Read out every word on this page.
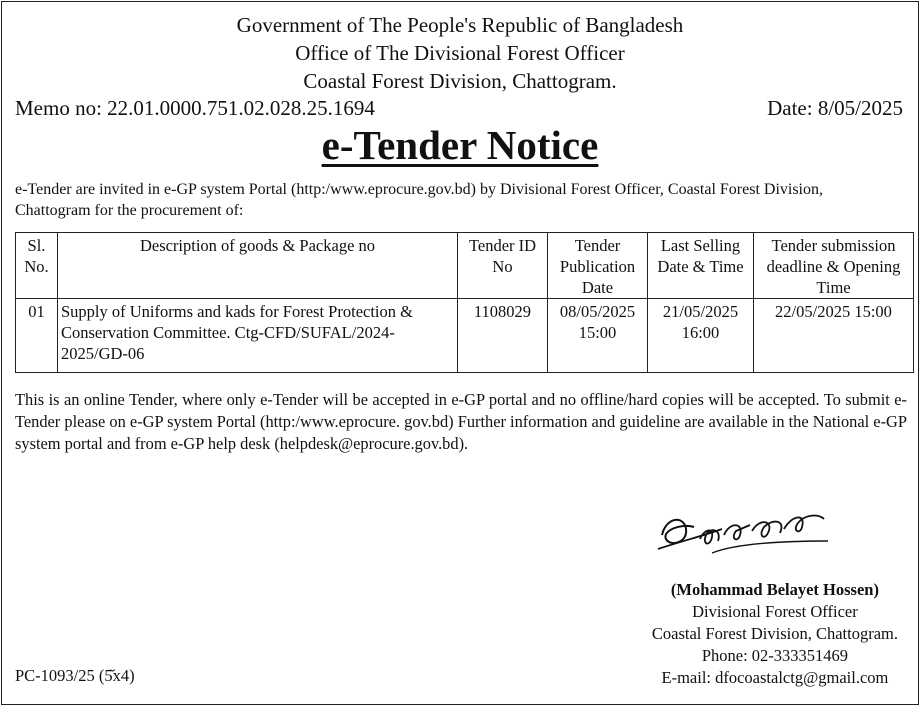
Government of The People's Republic of Bangladesh
Office of The Divisional Forest Officer
Coastal Forest Division, Chattogram.
Memo no: 22.01.0000.751.02.028.25.1694	Date: 8/05/2025
e-Tender Notice
e-Tender are invited in e-GP system Portal (http:/www.eprocure.gov.bd) by Divisional Forest Officer, Coastal Forest Division, Chattogram for the procurement of:
Sl. No.	Description of goods & Package no	Tender ID No	Tender Publication Date	Last Selling Date & Time	Tender submission deadline & Opening Time
01	Supply of Uniforms and kads for Forest Protection & Conservation Committee. Ctg-CFD/SUFAL/2024-2025/GD-06	1108029	08/05/2025 15:00	21/05/2025 16:00	22/05/2025 15:00
This is an online Tender, where only e-Tender will be accepted in e-GP portal and no offline/hard copies will be accepted. To submit e-Tender please on e-GP system Portal (http:/www.eprocure. gov.bd) Further information and guideline are available in the National e-GP system portal and from e-GP help desk (helpdesk@eprocure.gov.bd).
(Mohammad Belayet Hossen)
Divisional Forest Officer
Coastal Forest Division, Chattogram.
Phone: 02-333351469
E-mail: dfocoastalctg@gmail.com
PC-1093/25 (5̆x4)
